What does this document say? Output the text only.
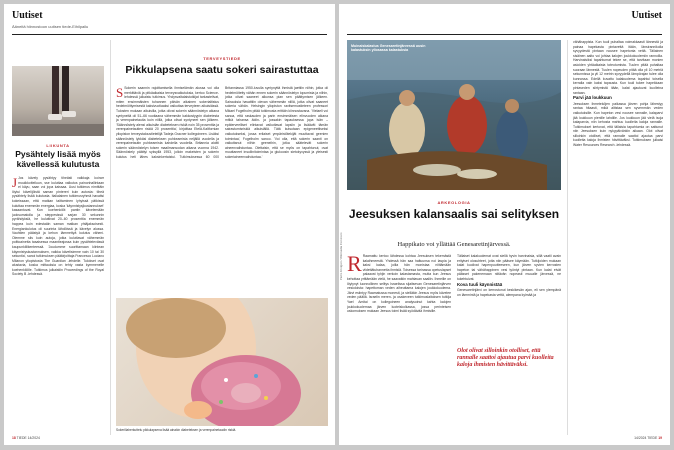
Uutiset
Ääneitä hiinnostoon uutisen tiede-Eihilpailu
LIIKUNTA
Pysähtely lisää myös kävellessä kulutusta
J Jos kävely pysähtyy tiheästi valkkaja koirarr muuikkotteiluun, sse kuluttaa valkutus painonhallintaan ei käyu, saan voi jopa kaissaa. Uusi tutkimus nimittäin löytui kävelijöistä saman pintereri kuin autosta: tiheä pysähtely lisää kulutusta. Italialainen tutkimusryhmä havaitsi kokeissaan, että matkan taittaminen lyhyissä pätkissä kuluttaa enemmän energiaa, koska 'käynnistysjkustannukset' kasaantuvat. Kun koehenkilöt pantin kävelemään juoksumatolla ja steppesissä sarjan 30 sekunnin pyrähdyksiä, he kuluttivat 20–60 prosenttia enemmän happea kuin edestaäin saman matkan yhtäjaksoisesti. Energiankulutus oli suurinta lähdöissä ja kävelyn alussa. Vauhtien päästyä ja kehon lämmettyä kulutus väheni. Olemme siis kuin autoja, jotka kuluttavat vähemmän polttoainetta tasaisessa maantieajossa kuin pysähtelevässä kaupunkiliikenteessä. 'Joudumme suorittamaan kiintean käynnistyskustannuksen, vaikka kävelisimme vain 10 tai 30 sekuntia', sanoi tutkimuksen pääkirjoittaja Francesco Luciano Milanon yliopistosta The Guardian -lehdelle. Tulokset ovat alustavia, koska mittauksia on tehty vasta kymmenelle koehenkilölle. Tutkimus julkaistiin Proceedings of the Royal Society B -lehdessä.
TERVEYSTIEDE
Pikkulapsena saatu sokeri sairastuttaa
S Sokerin saannin rajoittamisella ihmiselämän alussa voi olla merkittäviä ja pitkäaikaisia terveysvaikutuksia, kertoo Science-lehdessä julkaistu tutkimus. Yhdysvaltalaistutkijat tarkastelivat, miten ensimmäisten tuhannen päivän aikainen sokerialtistus hedelmöittymisestä kaksivuotiaaksi vaikuttaa terveyteen aikuisiässä. Tulosten mukaan aikuisilla, jotka olivat sokerin säännöstelyn aikana syntyneitä oli 51–66 vuotiaana vähemmän kakkostyypin diabetesta ja verenpainetautia kuin niillä, jotka olivat syntyneet sen jälkeen. 'Säännöstely alensi aikuisiän diabeteksen riskiä noin 35 prosenttia ja verenpainetautien riskiä 20 prosenttia', kirjoittaa Etelä-Kalifornian yliopiston terveystaloustieteilijä Tadeja Gracner kollegoineen. Lisäksi säännöstely lykkäsi diabeteksen puhkeamista neljällä vuodella ja verenpainetautin puhkeamista kahdella vuodella. Britannia aloitti sokerin säännöstelyn toisen maailmansodan aikana vuonna 1942. Säännöstely päättyi syksyllä 1953, jolloin makeisten ja sokerin kulutus heti lähes kaksinkertaistui. Tutkimuksessa 60 000 Britanniassa 1950-luvulla syntynyttä ihmistä jaettiin niihin, jotka oli hedelmöitetty vähän ennen sokerin säännöstelyn lopumista ja niihin, jotka olivat saaneet alkunsa pian sen päättymisen jälkeen. Sairauksia havaittiin olevan vähemmän niillä, jotka olivat saaneet sokeria vähän. Helsingin yliopiston ravitsemustieteen professori Mikael Fogelholm pitää tutkimusta erittäin kiinnostavana. 'Vielaeli voi sanoa, että raskauden ja parin ensimmäisen elinvuoden aikana mitkä tahansa äidin- ja jossakin tapauksessa jopa isän – epäterveelliset elintavat vaikuttavat lapsiin ja lisäävät tämän sairastumisriskiä aikuisiällä. Tätä kutsutaan epigeneettiseksi vaikutukseksi, jossa erilaiset ympäristötekijät muuttavat geenien toimintaa', Fogelholm sanoo. 'Voi olla, että sokerin saanti on vaikuttanut niihin geeneihin, jotka säätelevät sokerin aineenvaihduntaa. Olettaisin, että se myös on tapahtunut, ovat muuttaneet insuliinitoimintaa ja glukoosin sietokyvyssä ja yleisesti sokeriaineenvaihduntaa.'
Sokerillaherkuttelu pikkulapsena lisää ainakin diabeteksen ja verenpainetaudin riskiä.
18 TIEDE 14/2024
Uutiset
Muinaiskalastus Genesaretinjärvessä uusin kalastuksin yliosassa kalastuksia
Pietro Annigoni / Wikimedia Commons
ARKEOLOGIA
Jeesuksen kalansaalis sai selityksen
Happikato voi yllättää Genesaretinjärvessä.
R Raamattu kertoo lähdessa kohtaa Jeesuksen tekemästä kalaihmeestä. Yhdessä hän saa haltuunsa noi laspia ja kaksi kalaa, joilla hän monistaa niittämään viidettätuhannetta ihmisiä. Toisessa tarinassa opetuslapset palaavat tyhjin verkoin kalastamasta, mutta kun Jeesus kehottaa yrittämään vielä, he saavatkin mahtavan saaliin. Ihmeille on löytynyt luonnollinen selitys Israelissa sijaitsevan Genesaretinjärven vesioloista: hapettoman veden aiheuttama kalojen joukkokuolema. Järvi esiintyy Raamatussa monesti, ja sielläkin Jeesus myös kävelee veden päällä. Israelin meren- ja osakeveen tutkimuslaitoksen tutkija Yael Amitai on kollegoineen analysoinut kahta kalojen joukkokuolemaa järven luoteiskolkassa, jossa perinteisen uskomuksen mukaan Jeesus toimi lisää syödävää ihmisille.
Tällaiset kalakuolemat ovat siellä hyvin harvinaisia, sillä vaatii avain erityiset olosuhteet, jotta niin pääsee käymään. Tutkijoiden mukaan kalat kuolivat hapenpuutteeseen, kun järven syvien kerrosten hapeton tai vähähappinen vesi työntyi pintaan. Kun kalat eivät päässet pakenemaan niitävän nopeasti muualle järvessä, ne tukehtuivat.
Kova tuuli käynnistää
Genesaretinjärvi on kerrostunut keskikesän ajan, eli sen ylempänä on lämmintä ja hapekasta vettä, alempana kylmää ja
Olot olivat silloinkin otolliset, että rannalle saattoi ajautua parvi kuolleita kaloja ihmisten hävittäväksi.
vähähappista. Kun tuuli puhaltaa voimakkaasti lännestä ja painaa hapekasta pintavettä itään, länsirannikolla syvyydestä pintaan nousee hapetonta vettä. Tällainen sisäinen aalto voi johtaa kalojen joukkokuolemiin rannoilla. Harvinaisiksi tapahtumat tekee se, että tarvitaan monien asioiden yhtäaikaista toteutumista. Tuulen pitää puhaltaa suoraan lännestä. Tuulen nopeuden pitää olla yli 10 metriä sekunnissa ja yli 12 metrin syvyydellä lämpörajan tulee olla kunnossa. Edellä kuvattu kalakuolema tapahtui toisella kerralla vain kaksi tapausta. Kun tuuli tukee hapekkaan pintaveden siirtymistä itään, kalat ajautuvat kuolleina rantaan.
Parvi jää loukkuun
Jeesuksen ihmeteköjen paikassa järven pohja lähestyy rantaa hitaasti, mikä altistaa sen syvemmän veden vaikutuksille. Kun hapeton vesi nousee rannalle, kalaparvi jää loukkuun pienille lahdille. Jos loukkuun jää vielä isoja kalaparvia, niin kehosta mahtuu kuolleita kaloja rannalle. Tutkimukset kertovat, että tällaisia tapahtumia on sattunut niin Jeesuksen kuin nykypäivänkin aikaan. Olot olivat silloinkin otolliset, että rannalle saattoi ajautua parvi kuolleita kaloja ihmisten hävittäväksi. Tutkimuksen julkaisi Water Resources Research -lehdessä.
14/2024 TIEDE 19
